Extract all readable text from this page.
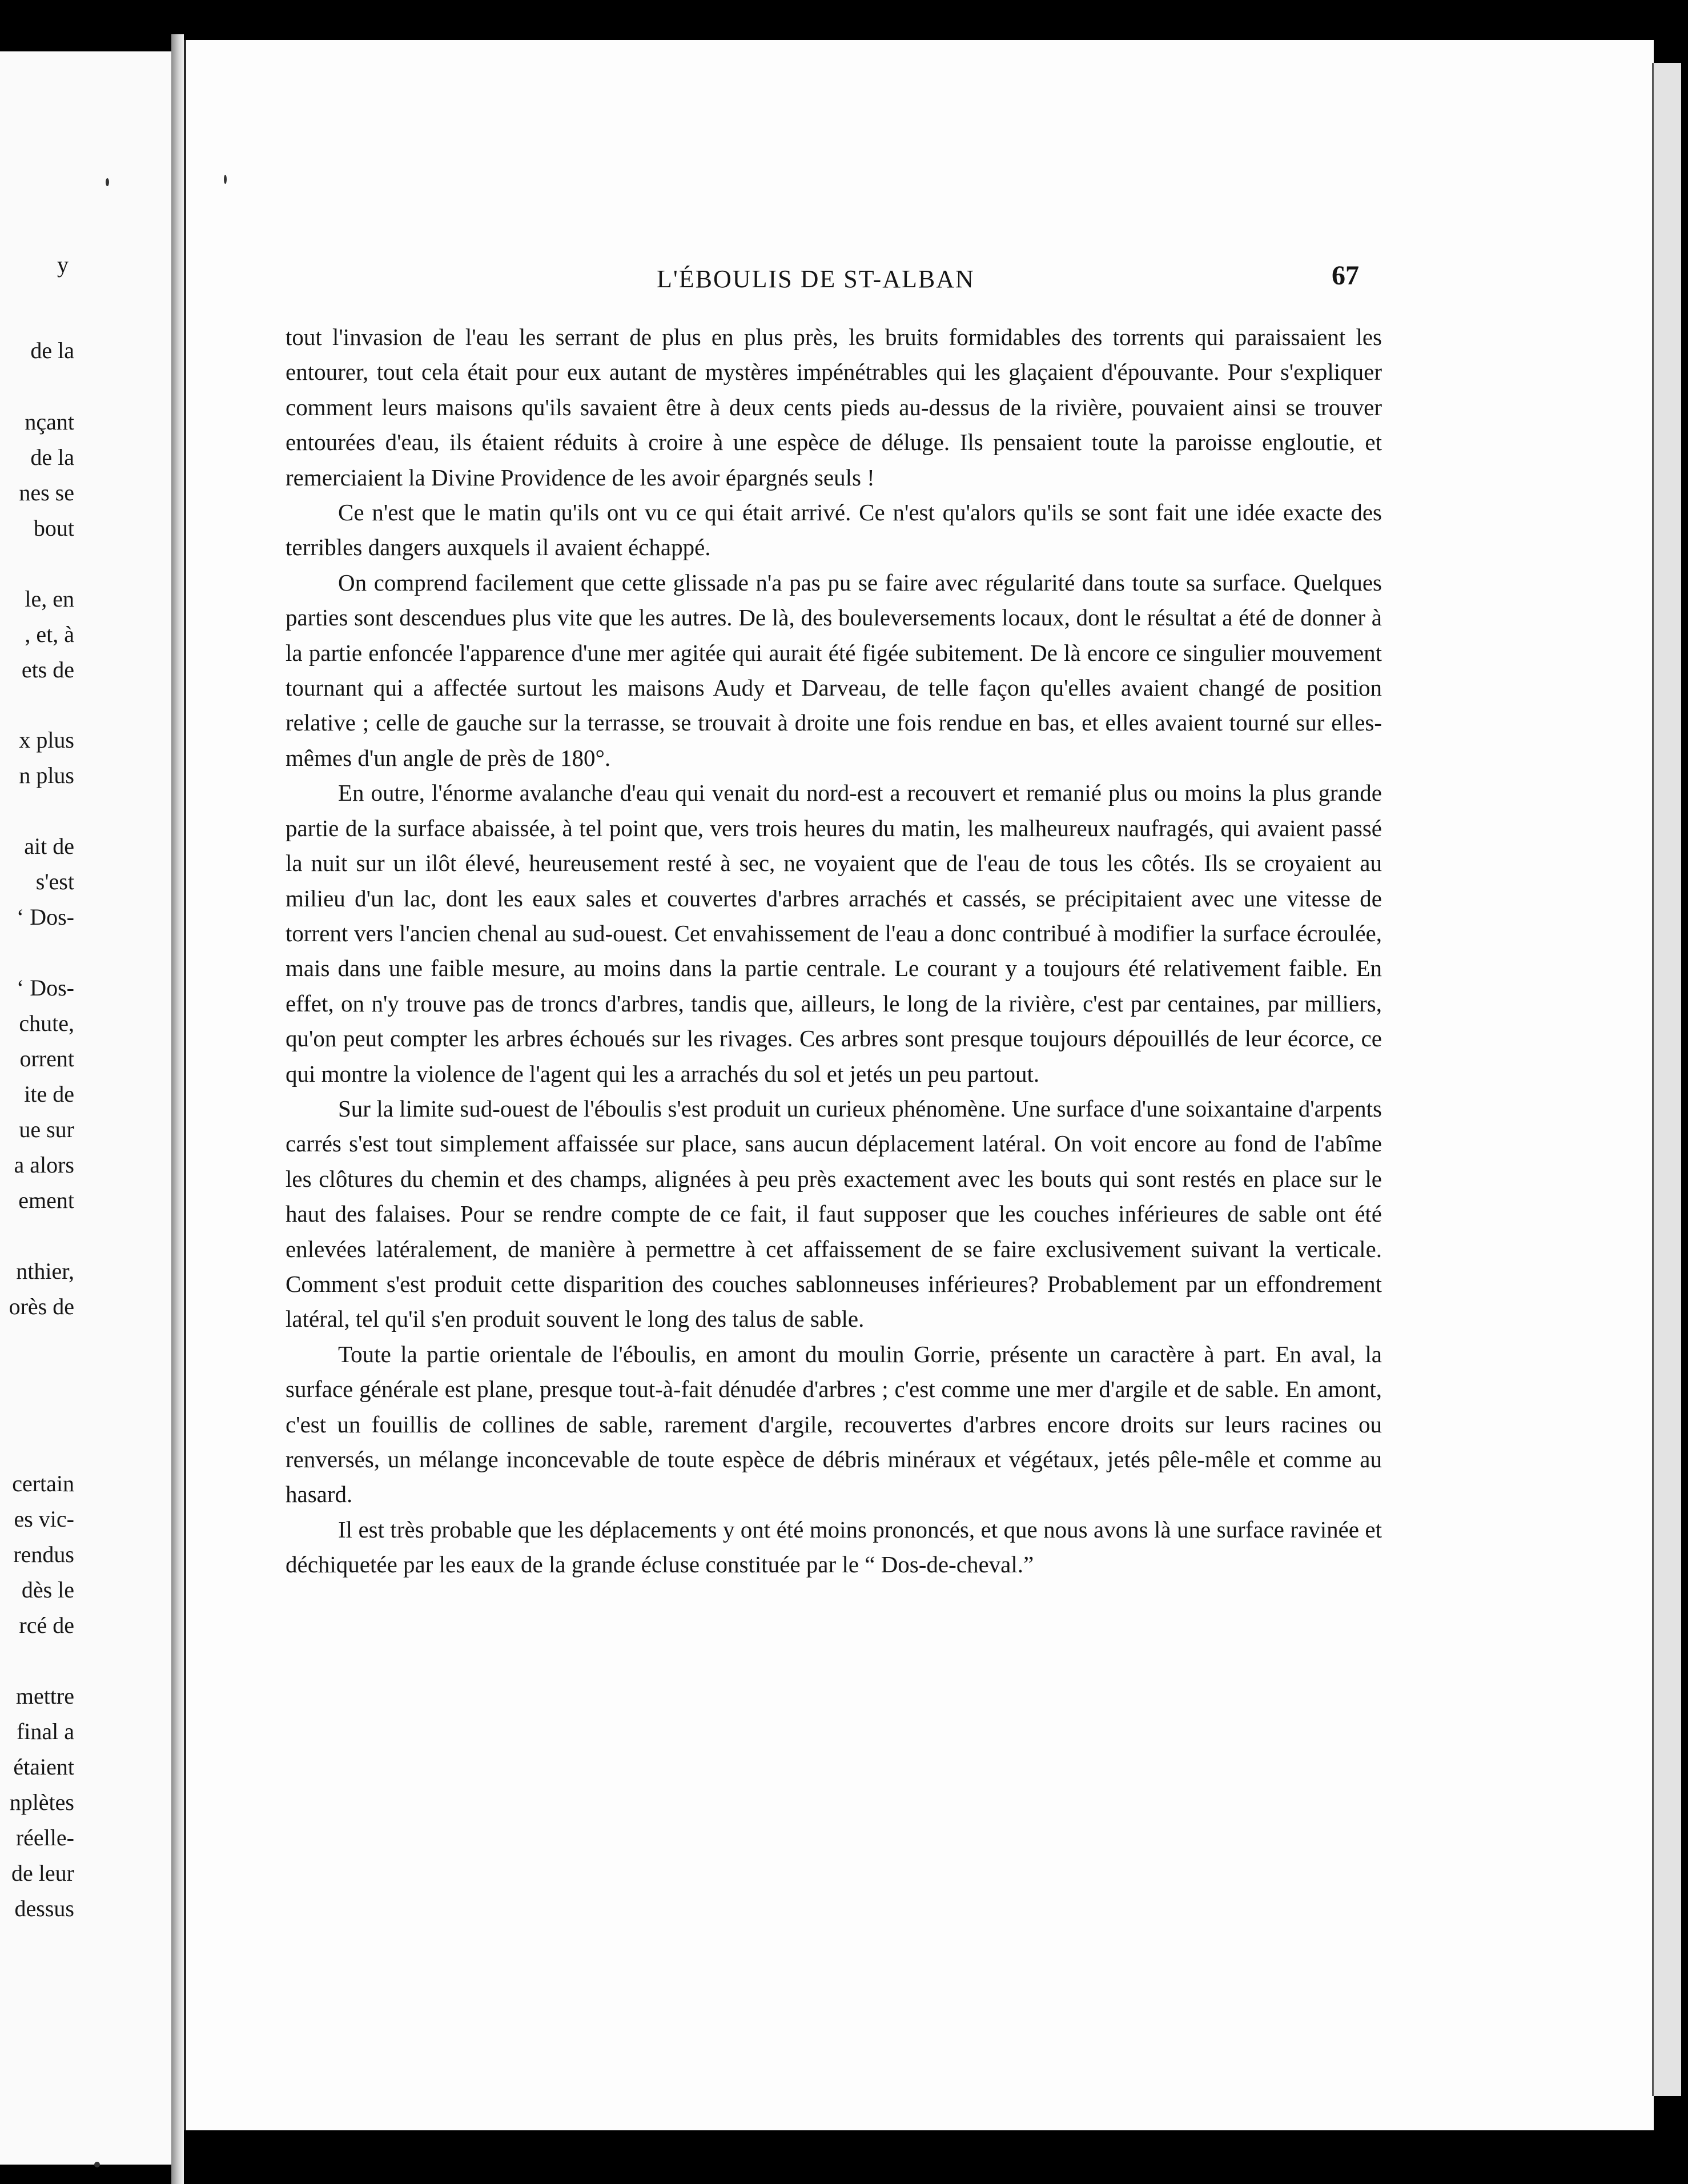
y
de la
nçant
de la
nes se
bout
le, en
, et, à
ets de
x plus
n plus
ait de
s'est
‘ Dos-
‘ Dos-
chute,
orrent
ite de
ue sur
a alors
ement
nthier,
orès de
certain
es vic-
rendus
dès le
rcé de
mettre
final a
étaient
nplètes
réelle-
de leur
dessus
L'ÉBOULIS DE ST-ALBAN	67

tout l'invasion de l'eau les serrant de plus en plus près, les bruits formidables des torrents qui paraissaient les entourer, tout cela était pour eux autant de mystères impénétrables qui les glaçaient d'épouvante. Pour s'expliquer comment leurs maisons qu'ils savaient être à deux cents pieds au-dessus de la rivière, pouvaient ainsi se trouver entourées d'eau, ils étaient réduits à croire à une espèce de déluge. Ils pensaient toute la paroisse engloutie, et remerciaient la Divine Providence de les avoir épargnés seuls !

Ce n'est que le matin qu'ils ont vu ce qui était arrivé. Ce n'est qu'alors qu'ils se sont fait une idée exacte des terribles dangers auxquels il avaient échappé.

On comprend facilement que cette glissade n'a pas pu se faire avec régularité dans toute sa surface. Quelques parties sont descendues plus vite que les autres. De là, des bouleversements locaux, dont le résultat a été de donner à la partie enfoncée l'apparence d'une mer agitée qui aurait été figée subitement. De là encore ce singulier mouvement tournant qui a affectée surtout les maisons Audy et Darveau, de telle façon qu'elles avaient changé de position relative ; celle de gauche sur la terrasse, se trouvait à droite une fois rendue en bas, et elles avaient tourné sur elles-mêmes d'un angle de près de 180°.

En outre, l'énorme avalanche d'eau qui venait du nord-est a recouvert et remanié plus ou moins la plus grande partie de la surface abaissée, à tel point que, vers trois heures du matin, les malheureux naufragés, qui avaient passé la nuit sur un ilôt élevé, heureusement resté à sec, ne voyaient que de l'eau de tous les côtés. Ils se croyaient au milieu d'un lac, dont les eaux sales et couvertes d'arbres arrachés et cassés, se précipitaient avec une vitesse de torrent vers l'ancien chenal au sud-ouest. Cet envahissement de l'eau a donc contribué à modifier la surface écroulée, mais dans une faible mesure, au moins dans la partie centrale. Le courant y a toujours été relativement faible. En effet, on n'y trouve pas de troncs d'arbres, tandis que, ailleurs, le long de la rivière, c'est par centaines, par milliers, qu'on peut compter les arbres échoués sur les rivages. Ces arbres sont presque toujours dépouillés de leur écorce, ce qui montre la violence de l'agent qui les a arrachés du sol et jetés un peu partout.

Sur la limite sud-ouest de l'éboulis s'est produit un curieux phénomène. Une surface d'une soixantaine d'arpents carrés s'est tout simplement affaissée sur place, sans aucun déplacement latéral. On voit encore au fond de l'abîme les clôtures du chemin et des champs, alignées à peu près exactement avec les bouts qui sont restés en place sur le haut des falaises. Pour se rendre compte de ce fait, il faut supposer que les couches inférieures de sable ont été enlevées latéralement, de manière à permettre à cet affaissement de se faire exclusivement suivant la verticale. Comment s'est produit cette disparition des couches sablonneuses inférieures? Probablement par un effondrement latéral, tel qu'il s'en produit souvent le long des talus de sable.

Toute la partie orientale de l'éboulis, en amont du moulin Gorrie, présente un caractère à part. En aval, la surface générale est plane, presque tout-à-fait dénudée d'arbres ; c'est comme une mer d'argile et de sable. En amont, c'est un fouillis de collines de sable, rarement d'argile, recouvertes d'arbres encore droits sur leurs racines ou renversés, un mélange inconcevable de toute espèce de débris minéraux et végétaux, jetés pêle-mêle et comme au hasard.

Il est très probable que les déplacements y ont été moins prononcés, et que nous avons là une surface ravinée et déchiquetée par les eaux de la grande écluse constituée par le “ Dos-de-cheval.”
